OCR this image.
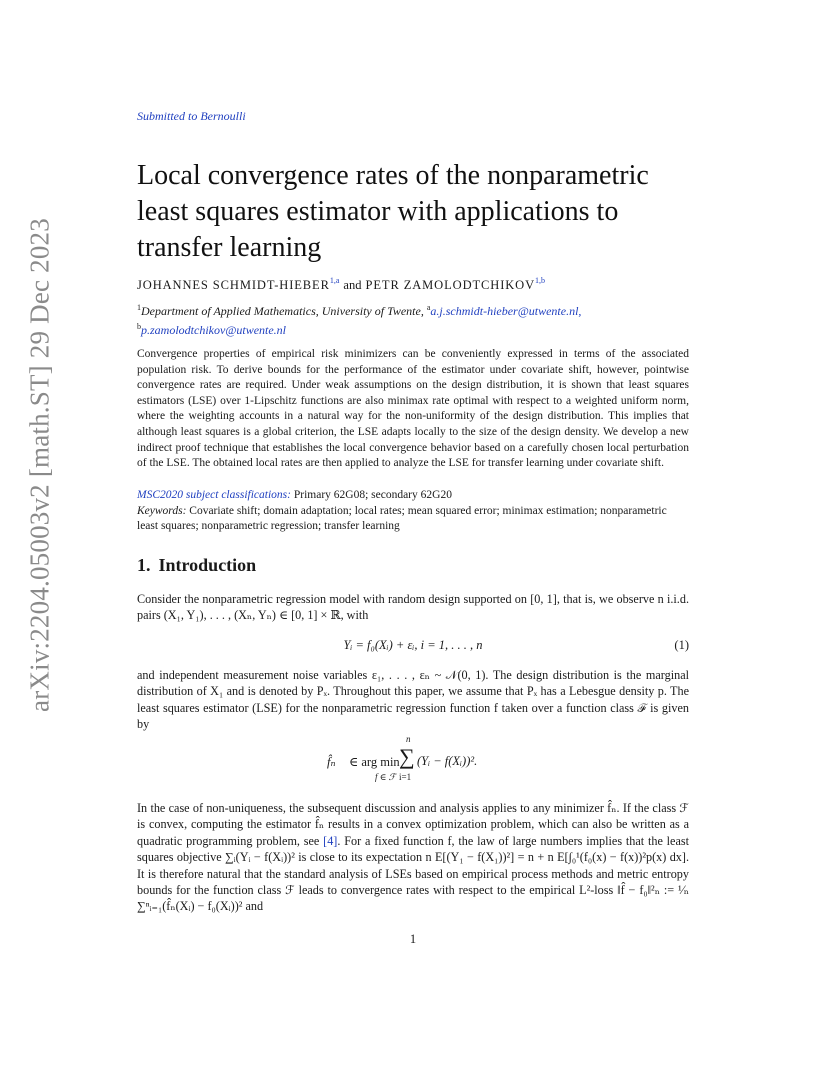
arXiv:2204.05003v2 [math.ST] 29 Dec 2023
Submitted to Bernoulli
Local convergence rates of the nonparametric
least squares estimator with applications to
transfer learning
JOHANNES SCHMIDT-HIEBER$^{1,a}$ and PETR ZAMOLODTCHIKOV$^{1,b}$
$^1$Department of Applied Mathematics, University of Twente, $^a$a.j.schmidt-hieber@utwente.nl,
$^b$p.zamolodtchikov@utwente.nl

Convergence properties of empirical risk minimizers can be conveniently expressed in terms of the associated population risk. To derive bounds for the performance of the estimator under covariate shift, however, pointwise convergence rates are required. Under weak assumptions on the design distribution, it is shown that least squares estimators (LSE) over 1-Lipschitz functions are also minimax rate optimal with respect to a weighted uniform norm, where the weighting accounts in a natural way for the non-uniformity of the design distribution. This implies that although least squares is a global criterion, the LSE adapts locally to the size of the design density. We develop a new indirect proof technique that establishes the local convergence behavior based on a carefully chosen local perturbation of the LSE. The obtained local rates are then applied to analyze the LSE for transfer learning under covariate shift.

MSC2020 subject classifications: Primary 62G08; secondary 62G20
Keywords: Covariate shift; domain adaptation; local rates; mean squared error; minimax estimation; nonparametric least squares; nonparametric regression; transfer learning
1. Introduction

Consider the nonparametric regression model with random design supported on [0, 1], that is, we observe n i.i.d. pairs (X₁, Y₁), . . . , (Xₙ, Yₙ) ∈ [0, 1] × ℝ, with

Yᵢ = f₀(Xᵢ) + εᵢ, i = 1, . . . , n	(1)

and independent measurement noise variables ε₁, . . . , εₙ ~ 𝒩(0, 1). The design distribution is the marginal distribution of X₁ and is denoted by Pₓ. Throughout this paper, we assume that Pₓ has a Lebesgue density p. The least squares estimator (LSE) for the nonparametric regression function f taken over a function class ℱ is given by

f̂ₙ ∈ arg min
f ∈ ℱ
n
∑
i=1
(Yᵢ − f(Xᵢ))².

In the case of non-uniqueness, the subsequent discussion and analysis applies to any minimizer f̂ₙ. If the class ℱ is convex, computing the estimator f̂ₙ results in a convex optimization problem, which can also be written as a quadratic programming problem, see [4]. For a fixed function f, the law of large numbers implies that the least squares objective ∑ᵢ(Yᵢ − f(Xᵢ))² is close to its expectation n E[(Y₁ − f(X₁))²] = n + n E[∫₀¹(f₀(x) − f(x))²p(x) dx]. It is therefore natural that the standard analysis of LSEs based on empirical process methods and metric entropy bounds for the function class ℱ leads to convergence rates with respect to the empirical L²-loss ‖f̂ − f₀‖²ₙ := ¹⁄ₙ ∑ⁿᵢ₌₁(f̂ₙ(Xᵢ) − f₀(Xᵢ))² and

1
